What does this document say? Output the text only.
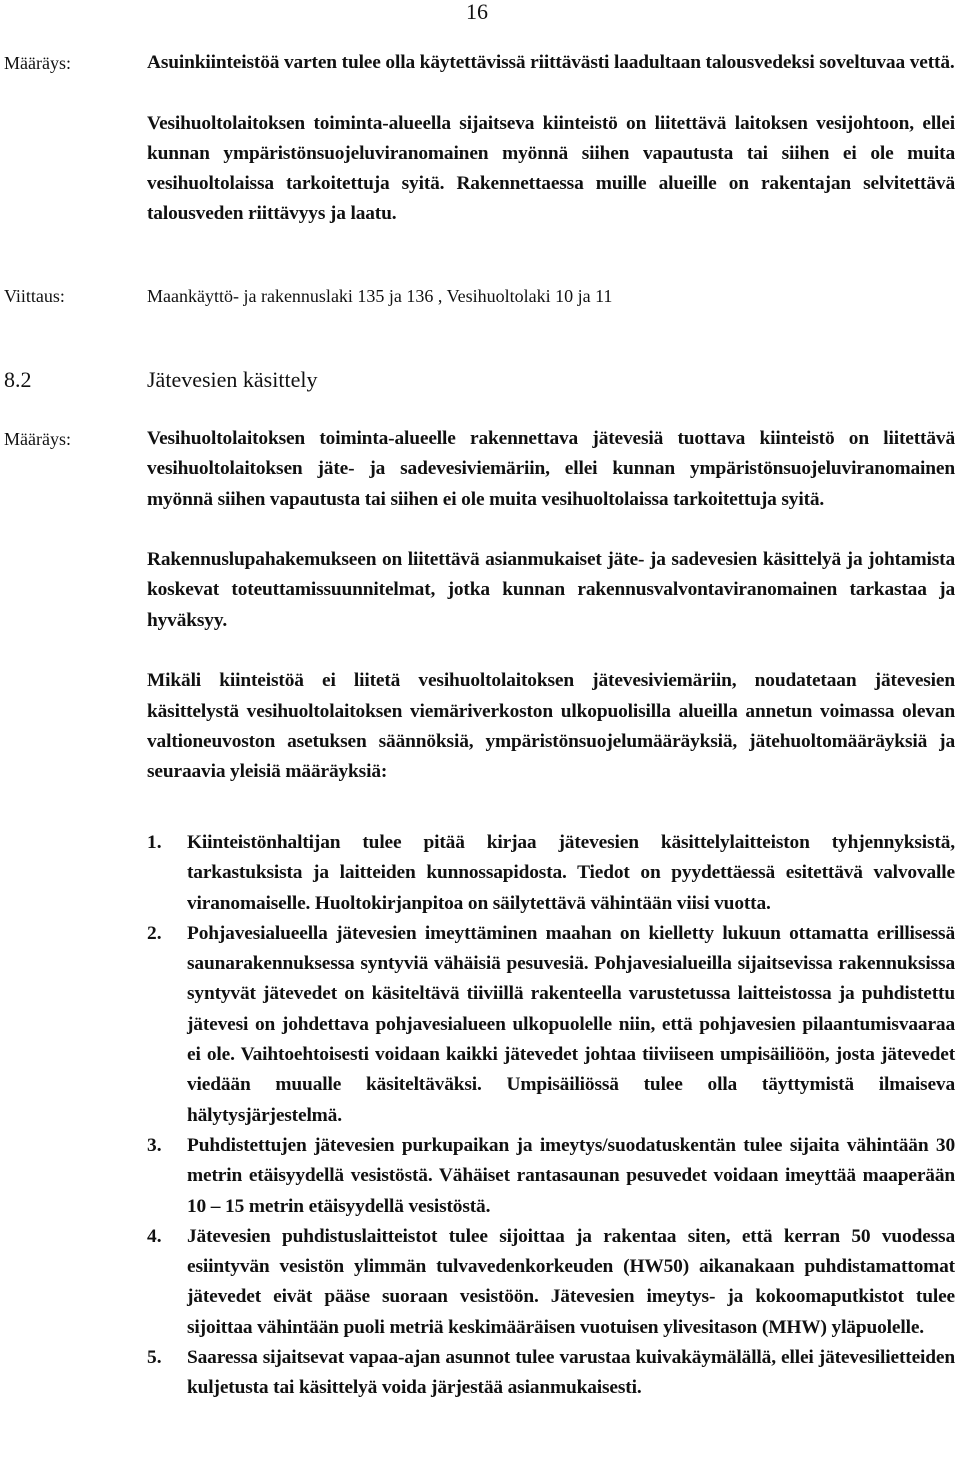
16
Määräys:	Asuinkiinteistöä varten tulee olla käytettävissä riittävästi laadultaan talousvedeksi soveltuvaa vettä.

Vesihuoltolaitoksen toiminta-alueella sijaitseva kiinteistö on liitettävä laitoksen vesijohtoon, ellei kunnan ympäristönsuojeluviranomainen myönnä siihen vapautusta tai siihen ei ole muita vesihuoltolaissa tarkoitettuja syitä. Rakennettaessa muille alueille on rakentajan selvitettävä talousveden riittävyys ja laatu.

Viittaus:	Maankäyttö- ja rakennuslaki 135 ja 136 , Vesihuoltolaki 10 ja 11
8.2	Jätevesien käsittely
Määräys:	Vesihuoltolaitoksen toiminta-alueelle rakennettava jätevesiä tuottava kiinteistö on liitettävä vesihuoltolaitoksen jäte- ja sadevesiviemäriin, ellei kunnan ympäristönsuojeluviranomainen myönnä siihen vapautusta tai siihen ei ole muita vesihuoltolaissa tarkoitettuja syitä.

Rakennuslupahakemukseen on liitettävä asianmukaiset jäte- ja sadevesien käsittelyä ja johtamista koskevat toteuttamissuunnitelmat, jotka kunnan rakennusvalvontaviranomainen tarkastaa ja hyväksyy.

Mikäli kiinteistöä ei liitetä vesihuoltolaitoksen jätevesiviemäriin, noudatetaan jätevesien käsittelystä vesihuoltolaitoksen viemäriverkoston ulkopuolisilla alueilla annetun voimassa olevan valtioneuvoston asetuksen säännöksiä, ympäristönsuojelumääräyksiä, jätehuoltomääräyksiä ja seuraavia yleisiä määräyksiä:

1.	Kiinteistönhaltijan tulee pitää kirjaa jätevesien käsittelylaitteiston tyhjennyksistä, tarkastuksista ja laitteiden kunnossapidosta. Tiedot on pyydettäessä esitettävä valvovalle viranomaiselle. Huoltokirjanpitoa on säilytettävä vähintään viisi vuotta.
2.	Pohjavesialueella jätevesien imeyttäminen maahan on kielletty lukuun ottamatta erillisessä saunarakennuksessa syntyviä vähäisiä pesuvesiä. Pohjavesialueilla sijaitsevissa rakennuksissa syntyvät jätevedet on käsiteltävä tiiviillä rakenteella varustetussa laitteistossa ja puhdistettu jätevesi on johdettava pohjavesialueen ulkopuolelle niin, että pohjavesien pilaantumisvaaraa ei ole. Vaihtoehtoisesti voidaan kaikki jätevedet johtaa tiiviiseen umpisäiliöön, josta jätevedet viedään muualle käsiteltäväksi. Umpisäiliössä tulee olla täyttymistä ilmaiseva hälytysjärjestelmä.
3.	Puhdistettujen jätevesien purkupaikan ja imeytys/suodatuskentän tulee sijaita vähintään 30 metrin etäisyydellä vesistöstä. Vähäiset rantasaunan pesuvedet voidaan imeyttää maaperään 10 – 15 metrin etäisyydellä vesistöstä.
4.	Jätevesien puhdistuslaitteistot tulee sijoittaa ja rakentaa siten, että kerran 50 vuodessa esiintyvän vesistön ylimmän tulvavedenkorkeuden (HW50) aikanakaan puhdistamattomat jätevedet eivät pääse suoraan vesistöön. Jätevesien imeytys- ja kokoomaputkistot tulee sijoittaa vähintään puoli metriä keskimääräisen vuotuisen ylivesitason (MHW) yläpuolelle.
5.	Saaressa sijaitsevat vapaa-ajan asunnot tulee varustaa kuivakäymälällä, ellei jätevesilietteiden kuljetusta tai käsittelyä voida järjestää asianmukaisesti.
